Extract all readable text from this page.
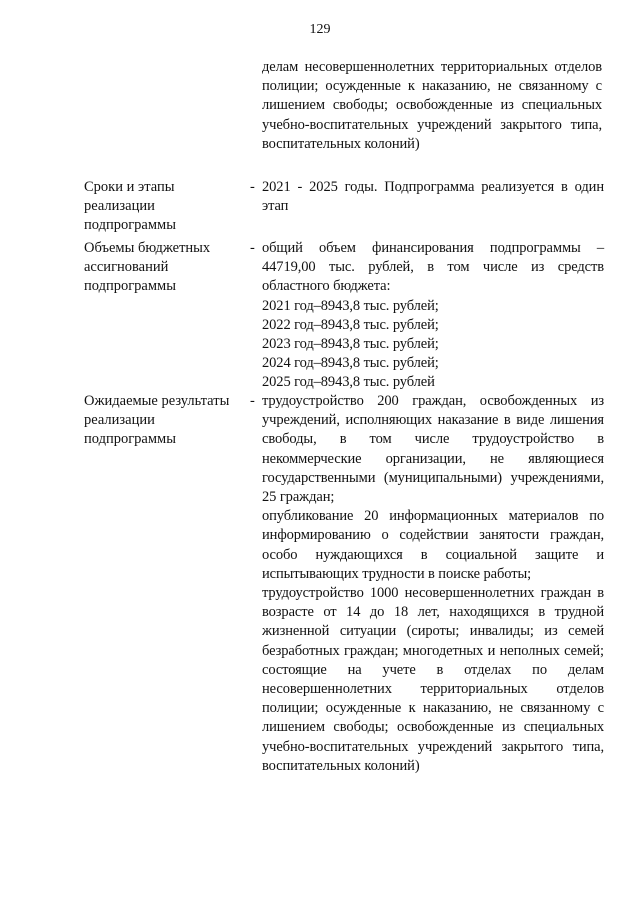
129

делам несовершеннолетних территориальных отделов полиции; осужденные к наказанию, не связанному с лишением свободы; освобожденные из специальных учебно-воспитательных учреждений закрытого типа, воспитательных колоний)

Сроки и этапы реализации подпрограммы
- 2021 - 2025 годы. Подпрограмма реализуется в один этап

Объемы бюджетных ассигнований подпрограммы
- общий объем финансирования подпрограммы – 44719,00 тыс. рублей, в том числе из средств областного бюджета:

2021 год–8943,8 тыс. рублей;

2022 год–8943,8 тыс. рублей;

2023 год–8943,8 тыс. рублей;

2024 год–8943,8 тыс. рублей;

2025 год–8943,8 тыс. рублей

Ожидаемые результаты реализации подпрограммы
- трудоустройство 200 граждан, освобожденных из учреждений, исполняющих наказание в виде лишения свободы, в том числе трудоустройство в некоммерческие организации, не являющиеся государственными (муниципальными) учреждениями, 25 граждан;

опубликование 20 информационных материалов по информированию о содействии занятости граждан, особо нуждающихся в социальной защите и испытывающих трудности в поиске работы;

трудоустройство 1000 несовершеннолетних граждан в возрасте от 14 до 18 лет, находящихся в трудной жизненной ситуации (сироты; инвалиды; из семей безработных граждан; многодетных и неполных семей; состоящие на учете в отделах по делам несовершеннолетних территориальных отделов полиции; осужденные к наказанию, не связанному с лишением свободы; освобожденные из специальных учебно-воспитательных учреждений закрытого типа, воспитательных колоний)
